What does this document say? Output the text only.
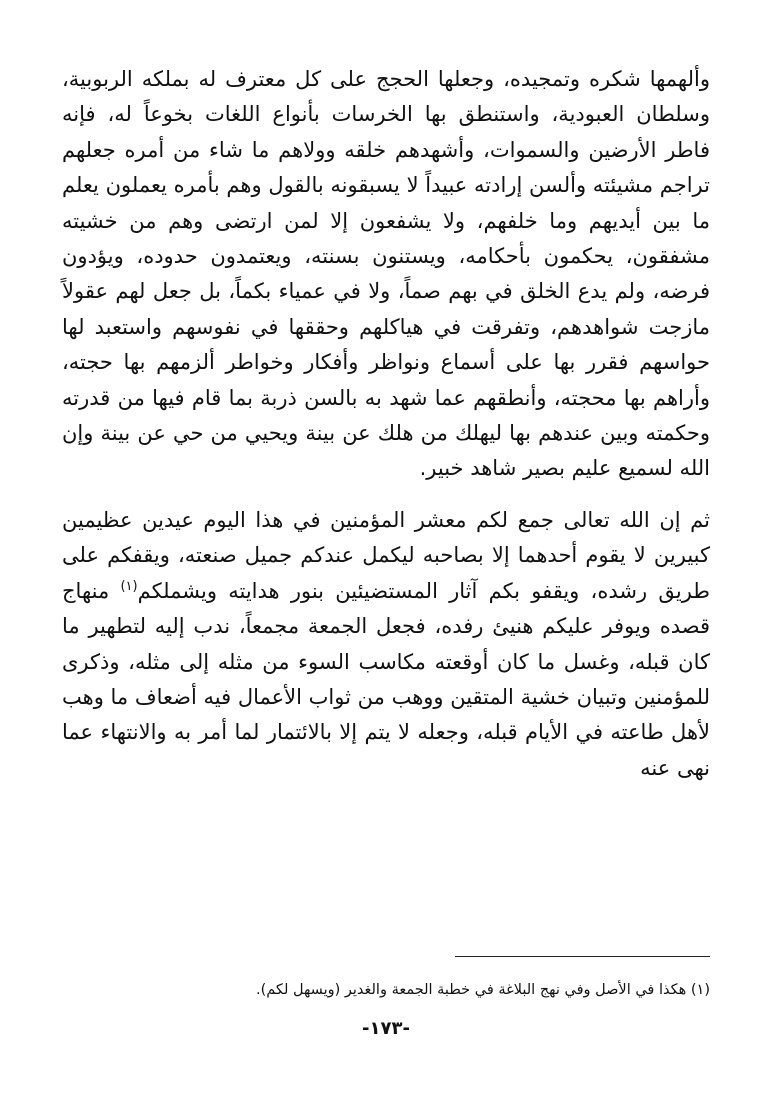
وألهمها شكره وتمجيده، وجعلها الحجج على كل معترف له بملكه الربوبية، وسلطان العبودية، واستنطق بها الخرسات بأنواع اللغات بخوعاً له، فإنه فاطر الأرضين والسموات، وأشهدهم خلقه وولاهم ما شاء من أمره جعلهم تراجم مشيئته وألسن إرادته عبيداً لا يسبقونه بالقول وهم بأمره يعملون يعلم ما بين أيديهم وما خلفهم، ولا يشفعون إلا لمن ارتضى وهم من خشيته مشفقون، يحكمون بأحكامه، ويستنون بسنته، ويعتمدون حدوده، ويؤدون فرضه، ولم يدع الخلق في بهم صماً، ولا في عمياء بكماً، بل جعل لهم عقولاً مازجت شواهدهم، وتفرقت في هياكلهم وحققها في نفوسهم واستعبد لها حواسهم فقرر بها على أسماع ونواظر وأفكار وخواطر ألزمهم بها حجته، وأراهم بها محجته، وأنطقهم عما شهد به بالسن ذربة بما قام فيها من قدرته وحكمته وبين عندهم بها ليهلك من هلك عن بينة ويحيي من حي عن بينة وإن الله لسميع عليم بصير شاهد خبير.

ثم إن الله تعالى جمع لكم معشر المؤمنين في هذا اليوم عيدين عظيمين كبيرين لا يقوم أحدهما إلا بصاحبه ليكمل عندكم جميل صنعته، ويقفكم على طريق رشده، ويقفو بكم آثار المستضيئين بنور هدايته ويشملكم$^{(١)}$ منهاج قصده ويوفر عليكم هنيئ رفده، فجعل الجمعة مجمعاً، ندب إليه لتطهير ما كان قبله، وغسل ما كان أوقعته مكاسب السوء من مثله إلى مثله، وذكرى للمؤمنين وتبيان خشية المتقين ووهب من ثواب الأعمال فيه أضعاف ما وهب لأهل طاعته في الأيام قبله، وجعله لا يتم إلا بالائتمار لما أمر به والانتهاء عما نهى عنه

(١) هكذا في الأصل وفي نهج البلاغة في خطبة الجمعة والغدير (ويسهل لكم).

-١٧٣-
